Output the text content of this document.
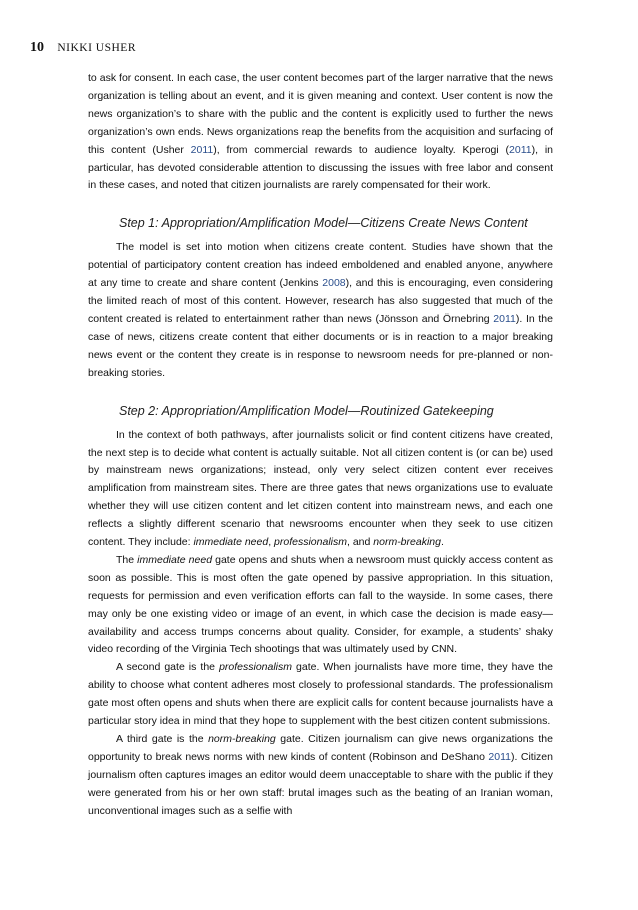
10 NIKKI USHER

to ask for consent. In each case, the user content becomes part of the larger narrative that the news organization is telling about an event, and it is given meaning and context. User content is now the news organization’s to share with the public and the content is explicitly used to further the news organization’s own ends. News organizations reap the benefits from the acquisition and surfacing of this content (Usher 2011), from commercial rewards to audience loyalty. Kperogi (2011), in particular, has devoted considerable attention to discussing the issues with free labor and consent in these cases, and noted that citizen journalists are rarely compensated for their work.

Step 1: Appropriation/Amplification Model—Citizens Create News Content

The model is set into motion when citizens create content. Studies have shown that the potential of participatory content creation has indeed emboldened and enabled anyone, anywhere at any time to create and share content (Jenkins 2008), and this is encouraging, even considering the limited reach of most of this content. However, research has also suggested that much of the content created is related to entertainment rather than news (Jönsson and Örnebring 2011). In the case of news, citizens create content that either documents or is in reaction to a major breaking news event or the content they create is in response to newsroom needs for pre-planned or non-breaking stories.

Step 2: Appropriation/Amplification Model—Routinized Gatekeeping

In the context of both pathways, after journalists solicit or find content citizens have created, the next step is to decide what content is actually suitable. Not all citizen content is (or can be) used by mainstream news organizations; instead, only very select citizen content ever receives amplification from mainstream sites. There are three gates that news organizations use to evaluate whether they will use citizen content and let citizen content into mainstream news, and each one reflects a slightly different scenario that newsrooms encounter when they seek to use citizen content. They include: immediate need, professionalism, and norm-breaking.

The immediate need gate opens and shuts when a newsroom must quickly access content as soon as possible. This is most often the gate opened by passive appropriation. In this situation, requests for permission and even verification efforts can fall to the wayside. In some cases, there may only be one existing video or image of an event, in which case the decision is made easy—availability and access trumps concerns about quality. Consider, for example, a students’ shaky video recording of the Virginia Tech shootings that was ultimately used by CNN.

A second gate is the professionalism gate. When journalists have more time, they have the ability to choose what content adheres most closely to professional standards. The professionalism gate most often opens and shuts when there are explicit calls for content because journalists have a particular story idea in mind that they hope to supplement with the best citizen content submissions.

A third gate is the norm-breaking gate. Citizen journalism can give news organizations the opportunity to break news norms with new kinds of content (Robinson and DeShano 2011). Citizen journalism often captures images an editor would deem unacceptable to share with the public if they were generated from his or her own staff: brutal images such as the beating of an Iranian woman, unconventional images such as a selfie with
